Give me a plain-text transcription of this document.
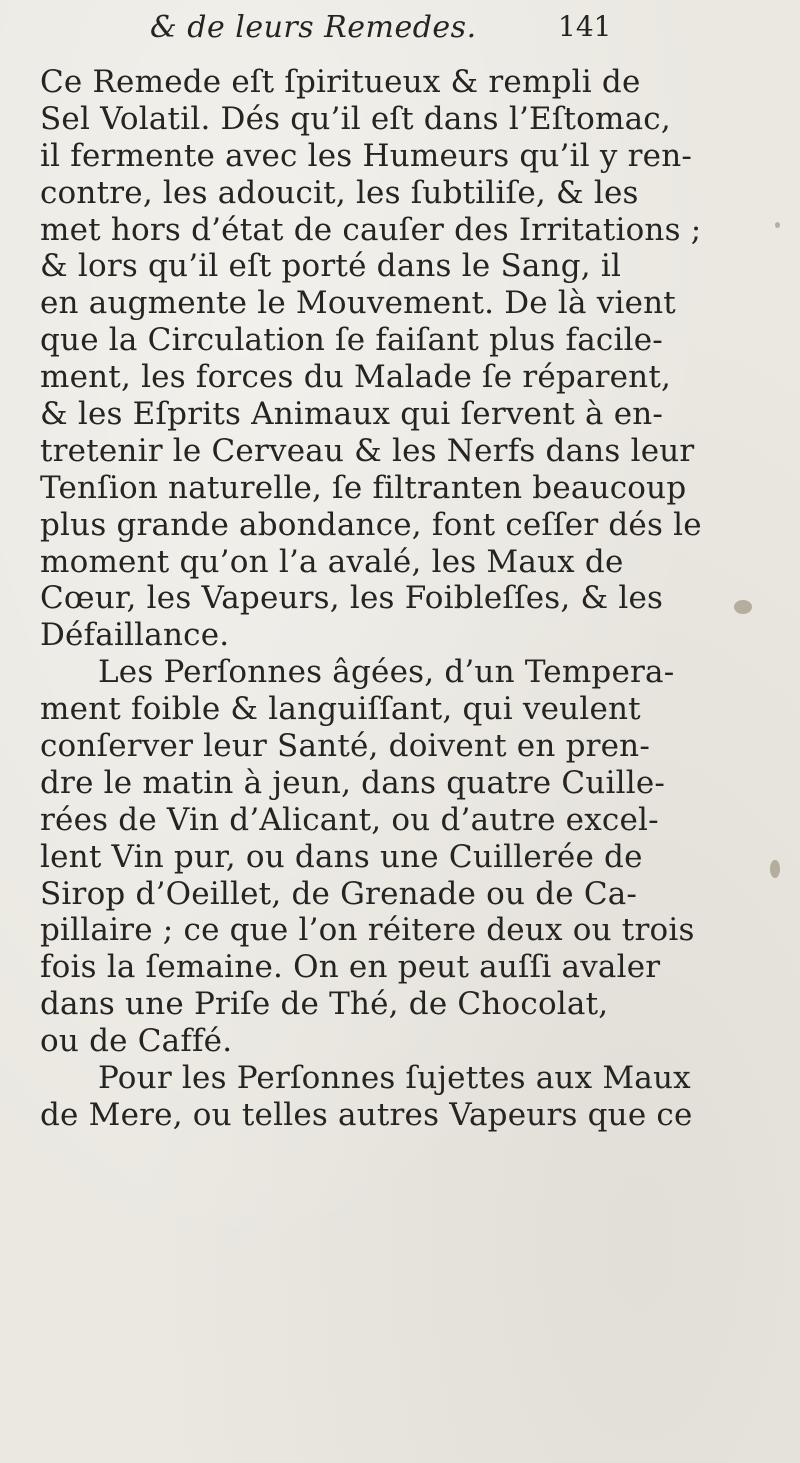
& de leurs Remedes.	141
Ce Remede eſt ſpiritueux & rempli de
Sel Volatil. Dés qu’il eſt dans l’Eſtomac,
il fermente avec les Humeurs qu’il y ren-
contre, les adoucit, les ſubtiliſe, & les
met hors d’état de cauſer des Irritations ;
& lors qu’il eſt porté dans le Sang, il
en augmente le Mouvement. De là vient
que la Circulation ſe faiſant plus facile-
ment, les forces du Malade ſe réparent,
& les Eſprits Animaux qui ſervent à en-
tretenir le Cerveau & les Nerfs dans leur
Tenſion naturelle, ſe filtranten beaucoup
plus grande abondance, font ceſſer dés le
moment qu’on l’a avalé, les Maux de
Cœur, les Vapeurs, les Foibleſſes, & les
Défaillance.
Les Perſonnes âgées, d’un Tempera-
ment foible & languiſſant, qui veulent
conſerver leur Santé, doivent en pren-
dre le matin à jeun, dans quatre Cuille-
rées de Vin d’Alicant, ou d’autre excel-
lent Vin pur, ou dans une Cuillerée de
Sirop d’Oeillet, de Grenade ou de Ca-
pillaire ; ce que l’on réitere deux ou trois
fois la ſemaine. On en peut auſſi avaler
dans une Priſe de Thé, de Chocolat,
ou de Caffé.
Pour les Perſonnes ſujettes aux Maux
de Mere, ou telles autres Vapeurs que ce
